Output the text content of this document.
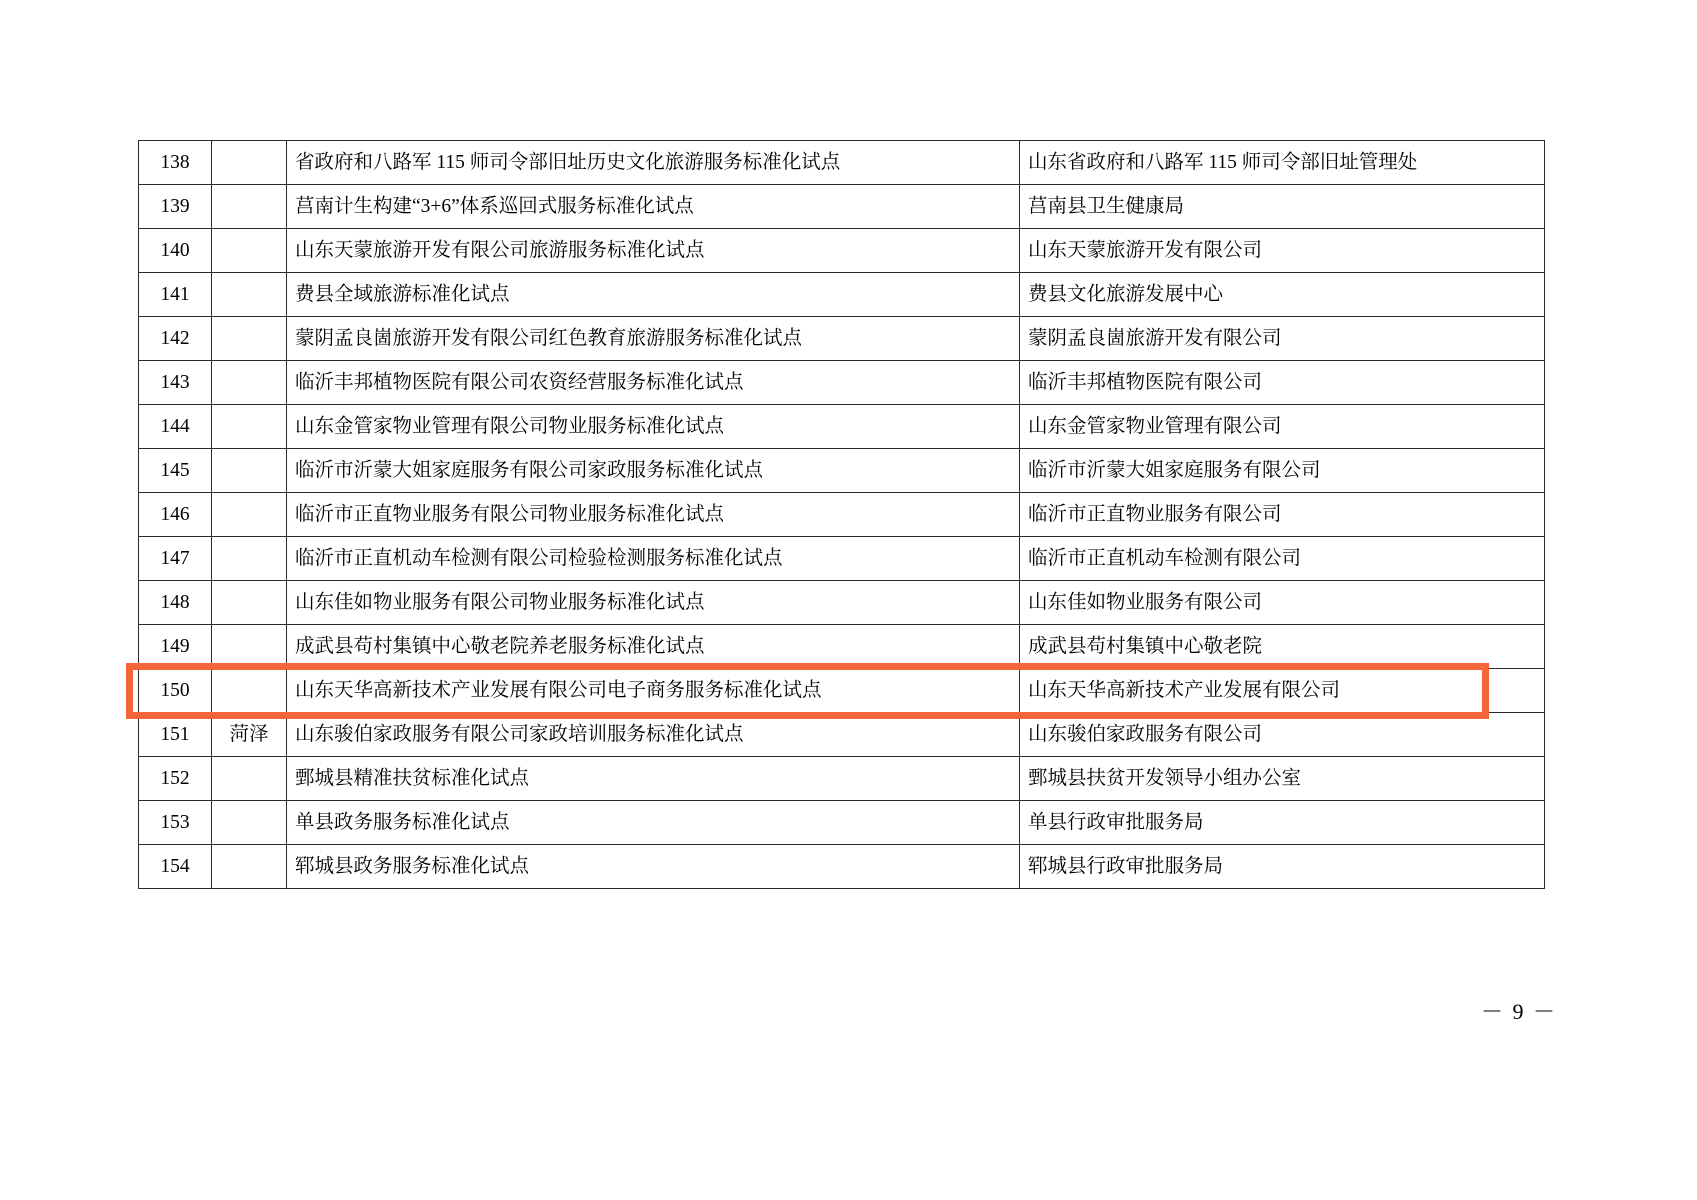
138		省政府和八路军 115 师司令部旧址历史文化旅游服务标准化试点	山东省政府和八路军 115 师司令部旧址管理处
139		莒南计生构建“3+6”体系巡回式服务标准化试点	莒南县卫生健康局
140		山东天蒙旅游开发有限公司旅游服务标准化试点	山东天蒙旅游开发有限公司
141		费县全域旅游标准化试点	费县文化旅游发展中心
142		蒙阴孟良崮旅游开发有限公司红色教育旅游服务标准化试点	蒙阴孟良崮旅游开发有限公司
143		临沂丰邦植物医院有限公司农资经营服务标准化试点	临沂丰邦植物医院有限公司
144		山东金管家物业管理有限公司物业服务标准化试点	山东金管家物业管理有限公司
145		临沂市沂蒙大姐家庭服务有限公司家政服务标准化试点	临沂市沂蒙大姐家庭服务有限公司
146		临沂市正直物业服务有限公司物业服务标准化试点	临沂市正直物业服务有限公司
147		临沂市正直机动车检测有限公司检验检测服务标准化试点	临沂市正直机动车检测有限公司
148		山东佳如物业服务有限公司物业服务标准化试点	山东佳如物业服务有限公司
149		成武县苟村集镇中心敬老院养老服务标准化试点	成武县苟村集镇中心敬老院
150		山东天华高新技术产业发展有限公司电子商务服务标准化试点	山东天华高新技术产业发展有限公司
151	菏泽	山东骏伯家政服务有限公司家政培训服务标准化试点	山东骏伯家政服务有限公司
152		鄄城县精准扶贫标准化试点	鄄城县扶贫开发领导小组办公室
153		单县政务服务标准化试点	单县行政审批服务局
154		郓城县政务服务标准化试点	郓城县行政审批服务局
－ 9 －
